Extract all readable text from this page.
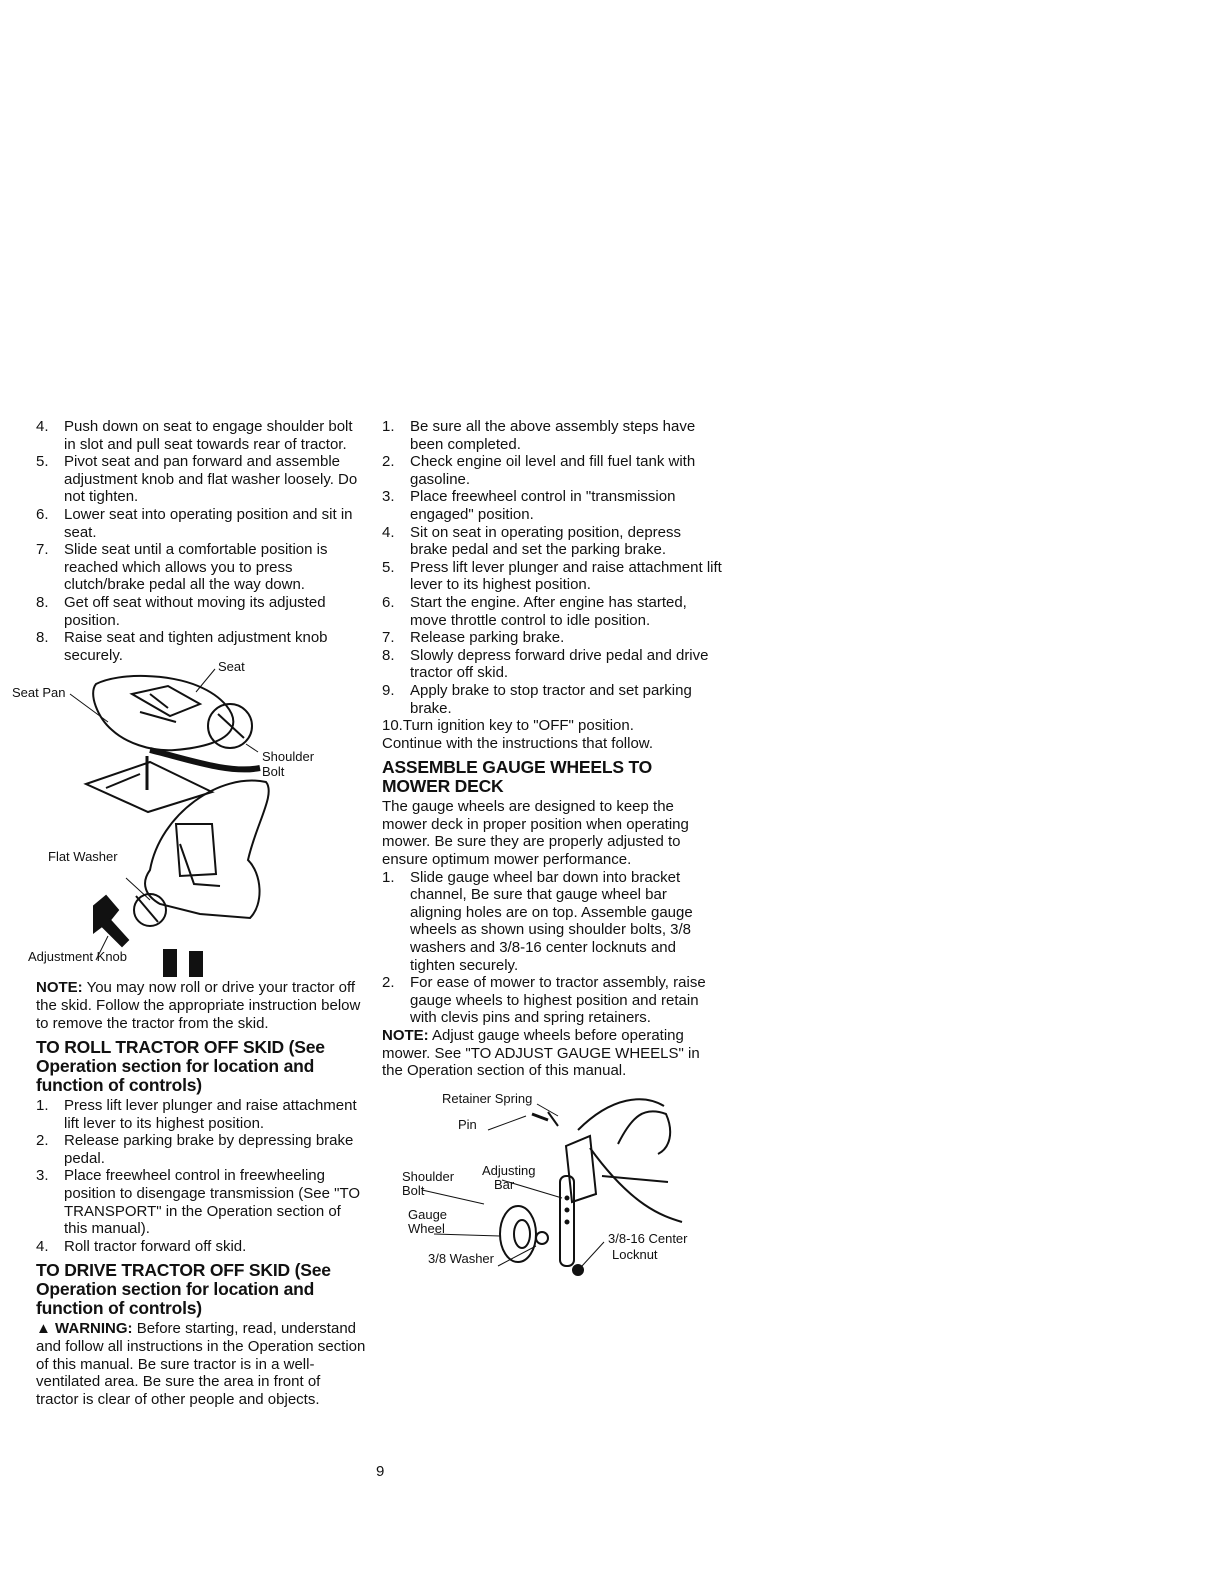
4. Push down on seat to engage shoulder bolt in slot and pull seat towards rear of tractor.
5. Pivot seat and pan forward and assemble adjustment knob and flat washer loosely. Do not tighten.
6. Lower seat into operating position and sit in seat.
7. Slide seat until a comfortable position is reached which allows you to press clutch/brake pedal all the way down.
8. Get off seat without moving its adjusted position.
8. Raise seat and tighten adjustment knob securely.
Seat
Seat Pan
Shoulder
Bolt
Flat Washer
Adjustment Knob

NOTE: You may now roll or drive your tractor off the skid. Follow the appropriate instruction below to remove the tractor from the skid.

TO ROLL TRACTOR OFF SKID (See Operation section for location and function of controls)
1. Press lift lever plunger and raise attachment lift lever to its highest position.
2. Release parking brake by depressing brake pedal.
3. Place freewheel control in freewheeling position to disengage transmission (See "TO TRANSPORT" in the Operation section of this manual).
4. Roll tractor forward off skid.
TO DRIVE TRACTOR OFF SKID (See Operation section for location and function of controls)

▲ WARNING: Before starting, read, understand and follow all instructions in the Operation section of this manual. Be sure tractor is in a well-ventilated area. Be sure the area in front of tractor is clear of other people and objects.

1. Be sure all the above assembly steps have been completed.
2. Check engine oil level and fill fuel tank with gasoline.
3. Place freewheel control in "transmission engaged" position.
4. Sit on seat in operating position, depress brake pedal and set the parking brake.
5. Press lift lever plunger and raise attachment lift lever to its highest position.
6. Start the engine. After engine has started, move throttle control to idle position.
7. Release parking brake.
8. Slowly depress forward drive pedal and drive tractor off skid.
9. Apply brake to stop tractor and set parking brake.

10.Turn ignition key to "OFF" position.

Continue with the instructions that follow.

ASSEMBLE GAUGE WHEELS TO MOWER DECK

The gauge wheels are designed to keep the mower deck in proper position when operating mower. Be sure they are properly adjusted to ensure optimum mower performance.

1. Slide gauge wheel bar down into bracket channel, Be sure that gauge wheel bar aligning holes are on top. Assemble gauge wheels as shown using shoulder bolts, 3/8 washers and 3/8-16 center locknuts and tighten securely.
2. For ease of mower to tractor assembly, raise gauge wheels to highest position and retain with clevis pins and spring retainers.

NOTE: Adjust gauge wheels before operating mower. See "TO ADJUST GAUGE WHEELS" in the Operation section of this manual.

Retainer Spring
Pin
Shoulder
Bolt
Adjusting
Bar
Gauge
Wheel
3/8 Washer
3/8-16 Center
Locknut
9
